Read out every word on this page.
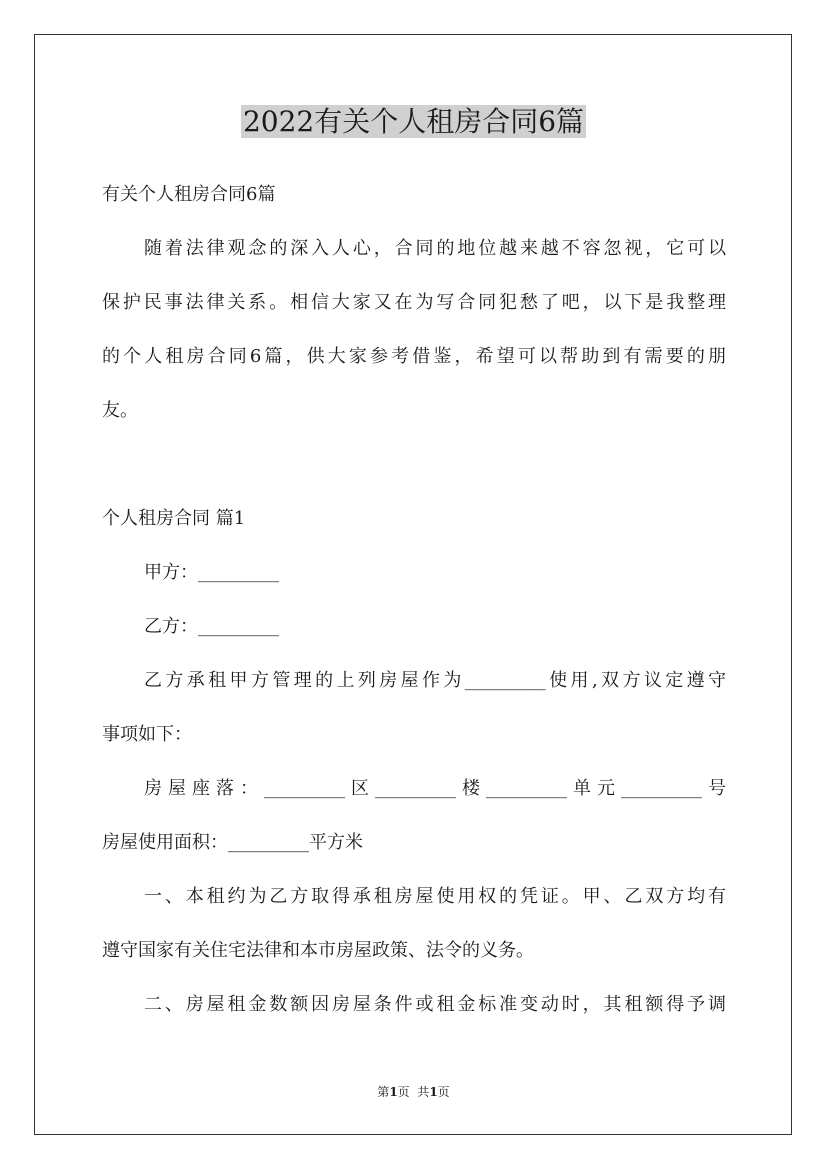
2022有关个人租房合同6篇
有关个人租房合同6篇
随着法律观念的深入人心，合同的地位越来越不容忽视，它可以
保护民事法律关系。相信大家又在为写合同犯愁了吧，以下是我整理
的个人租房合同6篇，供大家参考借鉴，希望可以帮助到有需要的朋
友。
个人租房合同 篇1
甲方：_________
乙方：_________
乙方承租甲方管理的上列房屋作为_________使用,双方议定遵守
事项如下：
房屋座落：_________区_________楼_________单元_________号
房屋使用面积：_________平方米
一、本租约为乙方取得承租房屋使用权的凭证。甲、乙双方均有
遵守国家有关住宅法律和本市房屋政策、法令的义务。
二、房屋租金数额因房屋条件或租金标准变动时，其租额得予调
第1页  共1页
